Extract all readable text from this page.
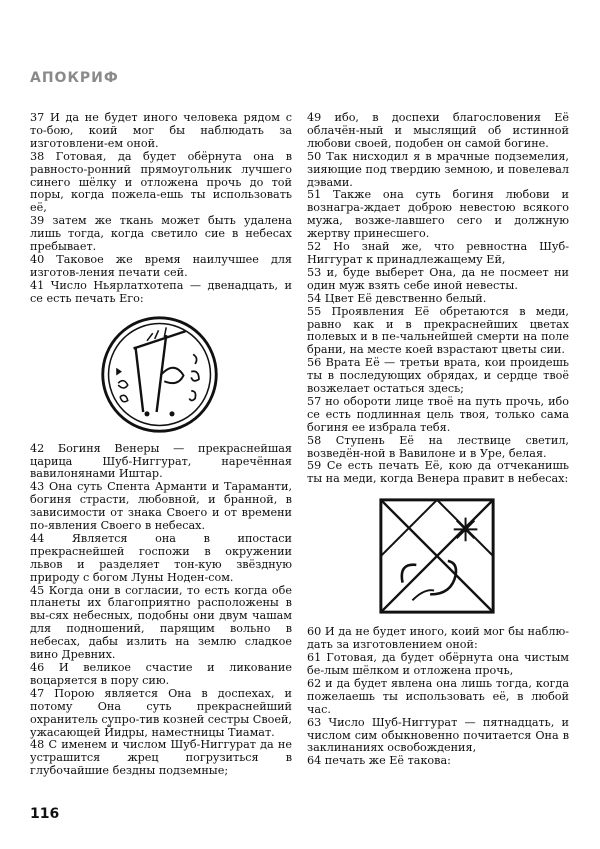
АПОКРИФ
37 И да не будет иного человека рядом с то-бою, коий мог бы наблюдать за изготовлени-ем оной.
38 Готовая, да будет обёрнута она в равносто-ронний прямоугольник лучшего синего шёлку и отложена прочь до той поры, когда пожела-ешь ты использовать её,
39 затем же ткань может быть удалена лишь тогда, когда светило сие в небесах пребывает.
40 Таковое же время наилучшее для изготов-ления печати сей.
41 Число Ньярлатхотепа — двенадцать, и се есть печать Его:
42 Богиня Венеры — прекраснейшая царица Шуб-Ниггурат, наречённая вавилонянами Иштар.
43 Она суть Спента Арманти и Тараманти, богиня страсти, любовной, и бранной, в зависимости от знака Своего и от времени по-явления Своего в небесах.
44 Является она в ипостаси прекраснейшей госпожи в окружении львов и разделяет тон-кую звёздную природу с богом Луны Ноден-сом.
45 Когда они в согласии, то есть когда обе планеты их благоприятно расположены в вы-сях небесных, подобны они двум чашам для подношений, парящим вольно в небесах, дабы излить на землю сладкое вино Древних.
46 И великое счастие и ликование воцаряется в пору сию.
47 Порою является Она в доспехах, и потому Она суть прекраснейший охранитель супро-тив козней сестры Своей, ужасающей Йидры, наместницы Тиамат.
48 С именем и числом Шуб-Ниггурат да не устрашится жрец погрузиться в глубочайшие бездны подземные;
49 ибо, в доспехи благословения Её облачён-ный и мыслящий об истинной любови своей, подобен он самой богине.
50 Так нисходил я в мрачные подземелия, зияющие под твердию земною, и повелевал дэвами.
51 Также она суть богиня любови и вознагра-ждает доброю невестою всякого мужа, возже-лавшего сего и должную жертву принесшего.
52 Но знай же, что ревностна Шуб-Ниггурат к принадлежащему Ей,
53 и, буде выберет Она, да не посмеет ни один муж взять себе иной невесты.
54 Цвет Её девственно белый.
55 Проявления Её обретаются в меди, равно как и в прекраснейших цветах полевых и в пе-чальнейшей смерти на поле брани, на месте коей взрастают цветы сии.
56 Врата Её — третьи врата, кои проидешь ты в последующих обрядах, и сердце твоё возжелает остаться здесь;
57 но обороти лице твоё на путь прочь, ибо се есть подлинная цель твоя, только сама богиня ее избрала тебя.
58 Ступень Её на лествице светил, возведён-ной в Вавилоне и в Уре, белая.
59 Се есть печать Её, кою да отчеканишь ты на меди, когда Венера правит в небесах:
60 И да не будет иного, коий мог бы наблю-дать за изготовлением оной:
61 Готовая, да будет обёрнута она чистым бе-лым шёлком и отложена прочь,
62 и да будет явлена она лишь тогда, когда пожелаешь ты использовать её, в любой час.
63 Число Шуб-Ниггурат — пятнадцать, и числом сим обыкновенно почитается Она в заклинаниях освобождения,
64 печать же Её такова:
116
